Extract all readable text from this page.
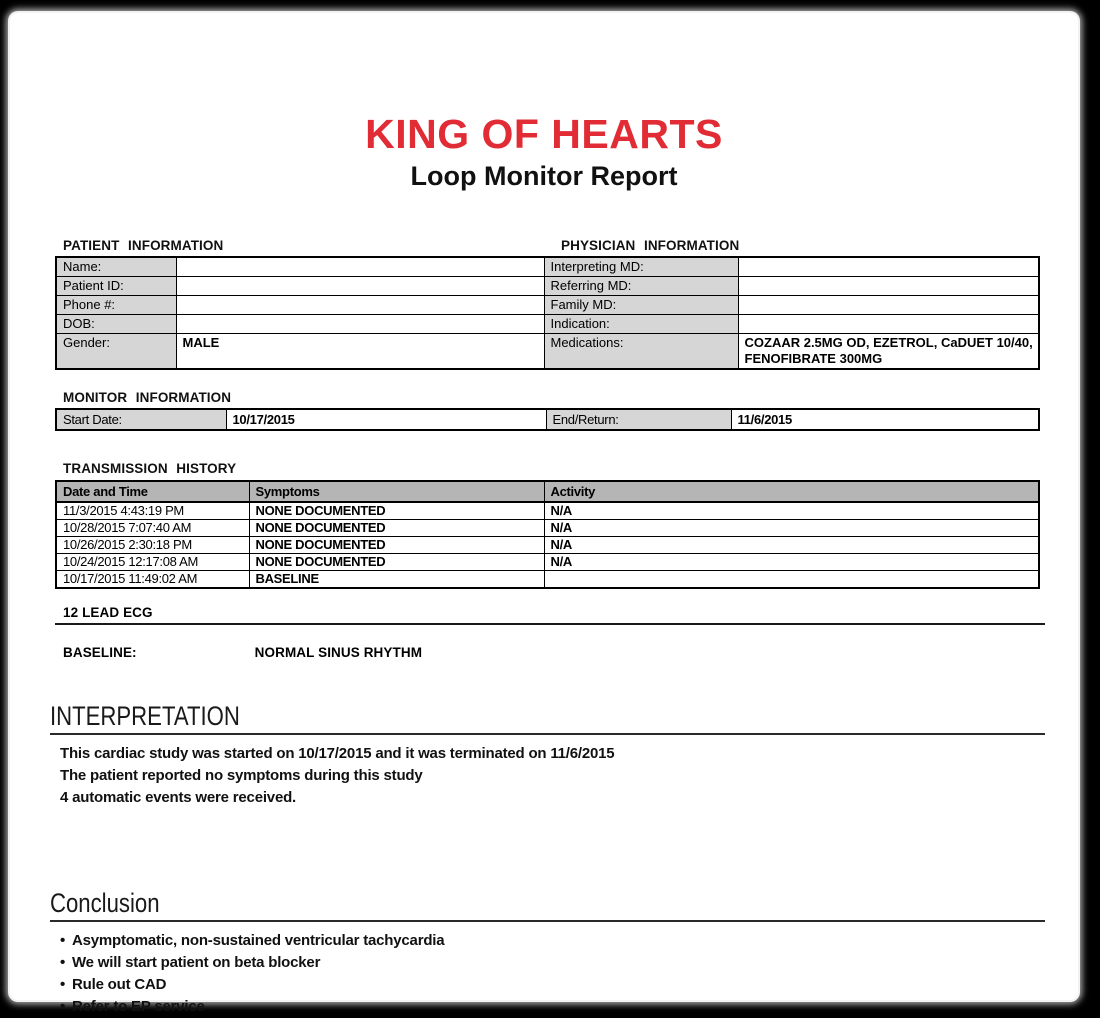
KING OF HEARTS
Loop Monitor Report
PATIENT INFORMATION	PHYSICIAN INFORMATION
Name:		Interpreting MD:	
Patient ID:		Referring MD:	
Phone #:		Family MD:	
DOB:		Indication:	
Gender:	MALE	Medications:	COZAAR 2.5MG OD, EZETROL, CaDUET 10/40, FENOFIBRATE 300MG
MONITOR INFORMATION
Start Date:	10/17/2015	End/Return:	11/6/2015
TRANSMISSION HISTORY
Date and Time	Symptoms	Activity
11/3/2015 4:43:19 PM	NONE DOCUMENTED	N/A
10/28/2015 7:07:40 AM	NONE DOCUMENTED	N/A
10/26/2015 2:30:18 PM	NONE DOCUMENTED	N/A
10/24/2015 12:17:08 AM	NONE DOCUMENTED	N/A
10/17/2015 11:49:02 AM	BASELINE	
12 LEAD ECG
BASELINE:	NORMAL SINUS RHYTHM
INTERPRETATION

This cardiac study was started on 10/17/2015 and it was terminated on 11/6/2015

The patient reported no symptoms during this study

4 automatic events were received.

Conclusion
• Asymptomatic, non-sustained ventricular tachycardia
• We will start patient on beta blocker
• Rule out CAD
• Refer to EP service
